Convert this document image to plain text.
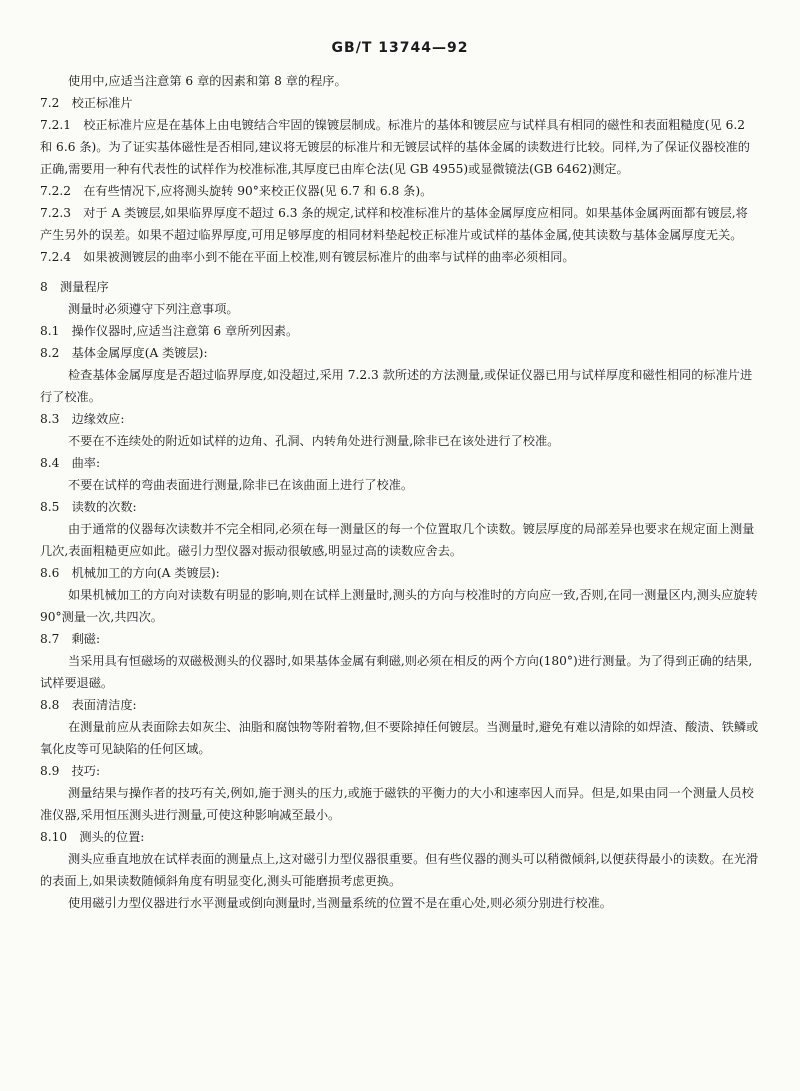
GB/T 13744—92

使用中,应适当注意第 6 章的因素和第 8 章的程序。

7.2　校正标准片

7.2.1　校正标准片应是在基体上由电镀结合牢固的镍镀层制成。标准片的基体和镀层应与试样具有相同的磁性和表面粗糙度(见 6.2 和 6.6 条)。为了证实基体磁性是否相同,建议将无镀层的标准片和无镀层试样的基体金属的读数进行比较。同样,为了保证仪器校准的正确,需要用一种有代表性的试样作为校准标准,其厚度已由库仑法(见 GB 4955)或显微镜法(GB 6462)测定。

7.2.2　在有些情况下,应将测头旋转 90°来校正仪器(见 6.7 和 6.8 条)。

7.2.3　对于 A 类镀层,如果临界厚度不超过 6.3 条的规定,试样和校准标准片的基体金属厚度应相同。如果基体金属两面都有镀层,将产生另外的误差。如果不超过临界厚度,可用足够厚度的相同材料垫起校正标准片或试样的基体金属,使其读数与基体金属厚度无关。

7.2.4　如果被测镀层的曲率小到不能在平面上校准,则有镀层标准片的曲率与试样的曲率必须相同。

8　测量程序

测量时必须遵守下列注意事项。

8.1　操作仪器时,应适当注意第 6 章所列因素。

8.2　基体金属厚度(A 类镀层):

检查基体金属厚度是否超过临界厚度,如没超过,采用 7.2.3 款所述的方法测量,或保证仪器已用与试样厚度和磁性相同的标准片进行了校准。

8.3　边缘效应:

不要在不连续处的附近如试样的边角、孔洞、内转角处进行测量,除非已在该处进行了校准。

8.4　曲率:

不要在试样的弯曲表面进行测量,除非已在该曲面上进行了校准。

8.5　读数的次数:

由于通常的仪器每次读数并不完全相同,必须在每一测量区的每一个位置取几个读数。镀层厚度的局部差异也要求在规定面上测量几次,表面粗糙更应如此。磁引力型仪器对振动很敏感,明显过高的读数应舍去。

8.6　机械加工的方向(A 类镀层):

如果机械加工的方向对读数有明显的影响,则在试样上测量时,测头的方向与校准时的方向应一致,否则,在同一测量区内,测头应旋转 90°测量一次,共四次。

8.7　剩磁:

当采用具有恒磁场的双磁极测头的仪器时,如果基体金属有剩磁,则必须在相反的两个方向(180°)进行测量。为了得到正确的结果,试样要退磁。

8.8　表面清洁度:

在测量前应从表面除去如灰尘、油脂和腐蚀物等附着物,但不要除掉任何镀层。当测量时,避免有难以清除的如焊渣、酸渍、铁鳞或氧化皮等可见缺陷的任何区域。

8.9　技巧:

测量结果与操作者的技巧有关,例如,施于测头的压力,或施于磁铁的平衡力的大小和速率因人而异。但是,如果由同一个测量人员校准仪器,采用恒压测头进行测量,可使这种影响减至最小。

8.10　测头的位置:

测头应垂直地放在试样表面的测量点上,这对磁引力型仪器很重要。但有些仪器的测头可以稍微倾斜,以便获得最小的读数。在光滑的表面上,如果读数随倾斜角度有明显变化,测头可能磨损考虑更换。

使用磁引力型仪器进行水平测量或倒向测量时,当测量系统的位置不是在重心处,则必须分别进行校准。
